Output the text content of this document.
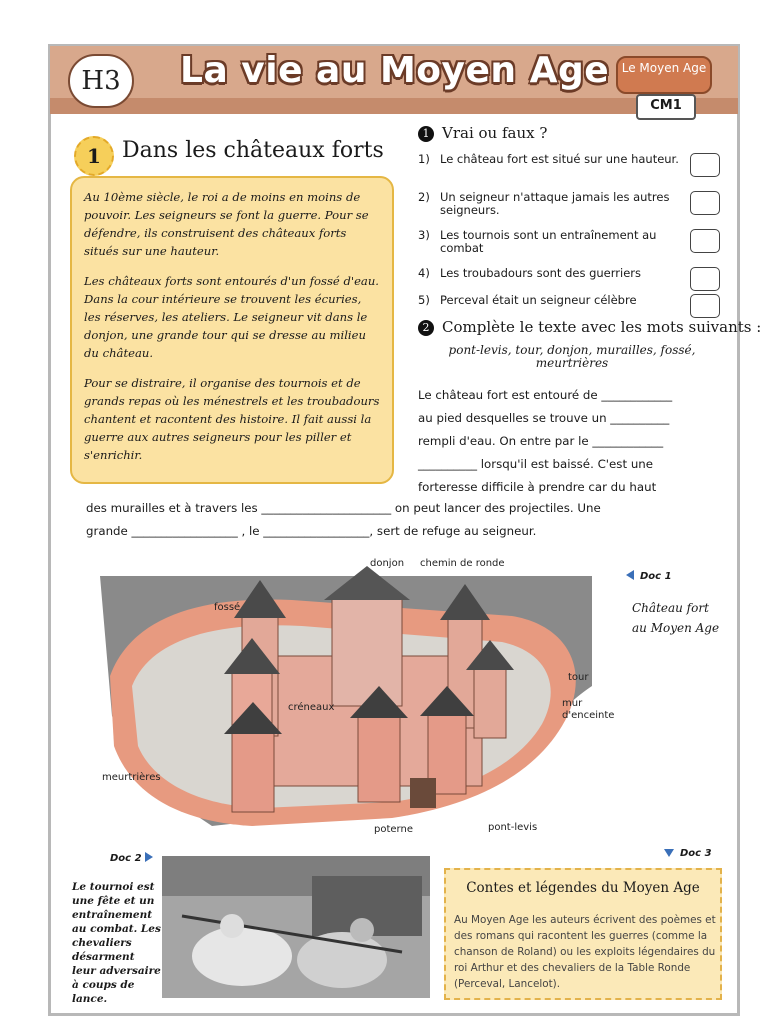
H3	La vie au Moyen Age	Le Moyen Age
CM1
1 Dans les châteaux forts

Au 10ème siècle, le roi a de moins en moins de pouvoir. Les seigneurs se font la guerre. Pour se défendre, ils construisent des châteaux forts situés sur une hauteur.

Les châteaux forts sont entourés d'un fossé d'eau. Dans la cour intérieure se trouvent les écuries, les réserves, les ateliers. Le seigneur vit dans le donjon, une grande tour qui se dresse au milieu du château.

Pour se distraire, il organise des tournois et de grands repas où les ménestrels et les troubadours chantent et racontent des histoire. Il fait aussi la guerre aux autres seigneurs pour les piller et s'enrichir.

1 Vrai ou faux ?
1) Le château fort est situé sur une hauteur.
2) Un seigneur n'attaque jamais les autres seigneurs.
3) Les tournois sont un entraînement au combat
4) Les troubadours sont des guerriers
5) Perceval était un seigneur célèbre
2 Complète le texte avec les mots suivants :
pont-levis, tour, donjon, murailles, fossé, meurtrières
Le château fort est entouré de ____________
au pied desquelles se trouve un __________
rempli d'eau. On entre par le ____________
__________ lorsqu'il est baissé. C'est une
forteresse difficile à prendre car du haut
des murailles et à travers les ______________________ on peut lancer des projectiles. Une
grande __________________ , le __________________, sert de refuge au seigneur.
donjon chemin de ronde
fossé
tour
mur
d'enceinte
créneaux
meurtrières
poterne	pont-levis
Doc 1
Château fort au Moyen Age
Doc 2
Le tournoi est une fête et un entraînement au combat. Les chevaliers désarment leur adversaire à coups de lance.
Doc 3
Contes et légendes du Moyen Age
Au Moyen Age les auteurs écrivent des poèmes et des romans qui racontent les guerres (comme la chanson de Roland) ou les exploits légendaires du roi Arthur et des chevaliers de la Table Ronde (Perceval, Lancelot).
